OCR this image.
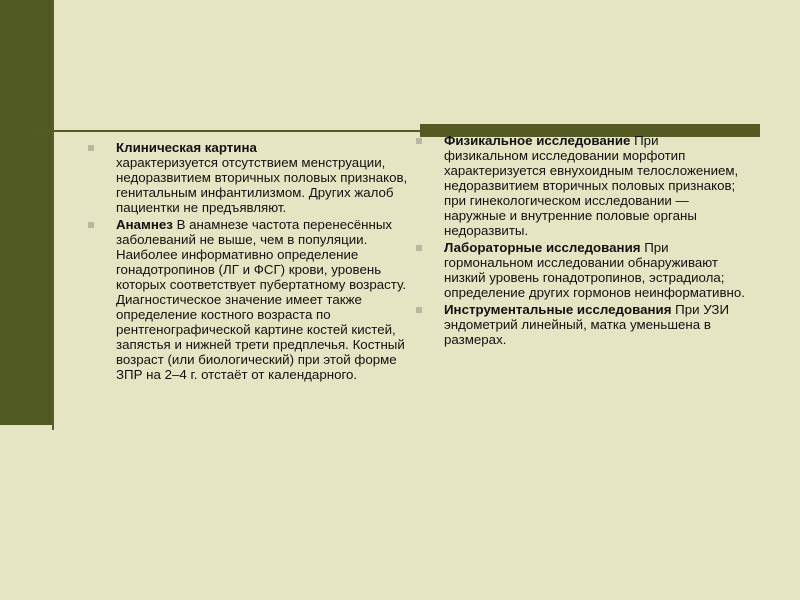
Клиническая картина
характеризуется отсутствием менструации, недоразвитием вторичных половых признаков, генитальным инфантилизмом. Других жалоб пациентки не предъявляют.
Анамнез В анамнезе частота перенесённых заболеваний не выше, чем в популяции. Наиболее информативно определение гонадотропинов (ЛГ и ФСГ) крови, уровень которых соответствует пубертатному возрасту. Диагностическое значение имеет также определение костного возраста по рентгенографической картине костей кистей, запястья и нижней трети предплечья. Костный возраст (или биологический) при этой форме ЗПР на 2–4 г. отстаёт от календарного.
Физикальное исследование При физикальном исследовании морфотип характеризуется евнухоидным телосложением, недоразвитием вторичных половых признаков; при гинекологическом исследовании — наружные и внутренние половые органы недоразвиты.
Лабораторные исследования При гормональном исследовании обнаруживают низкий уровень гонадотропинов, эстрадиола; определение других гормонов неинформативно.
Инструментальные исследования При УЗИ эндометрий линейный, матка уменьшена в размерах.
